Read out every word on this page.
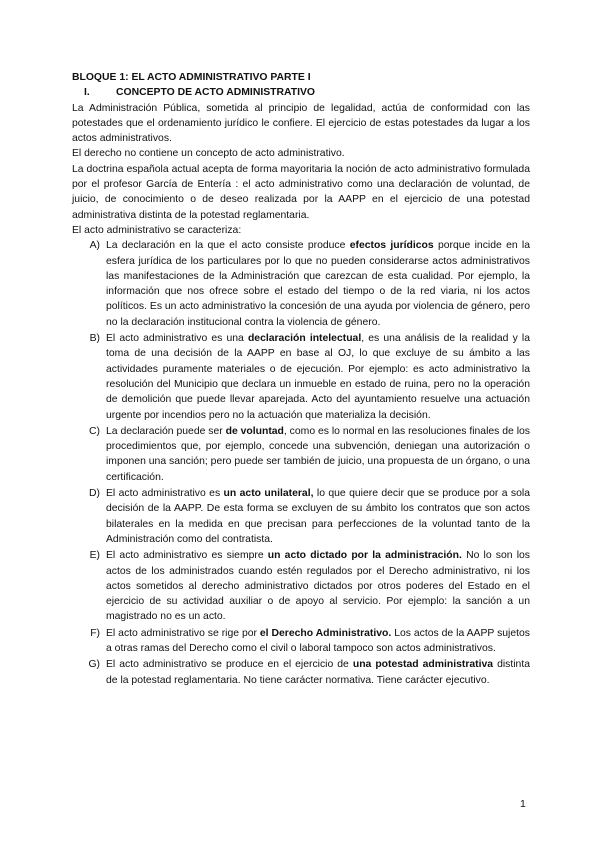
BLOQUE 1: EL ACTO ADMINISTRATIVO PARTE I

I.	CONCEPTO DE ACTO ADMINISTRATIVO

La Administración Pública, sometida al principio de legalidad, actúa de conformidad con las potestades que el ordenamiento jurídico le confiere. El ejercicio de estas potestades da lugar a los actos administrativos.

El derecho no contiene un concepto de acto administrativo.

La doctrina española actual acepta de forma mayoritaria la noción de acto administrativo formulada por el profesor García de Entería : el acto administrativo como una declaración de voluntad, de juicio, de conocimiento o de deseo realizada por la AAPP en el ejercicio de una potestad administrativa distinta de la potestad reglamentaria.

El acto administrativo se caracteriza:

A) La declaración en la que el acto consiste produce efectos jurídicos porque incide en la esfera jurídica de los particulares por lo que no pueden considerarse actos administrativos las manifestaciones de la Administración que carezcan de esta cualidad. Por ejemplo, la información que nos ofrece sobre el estado del tiempo o de la red viaria, ni los actos políticos. Es un acto administrativo la concesión de una ayuda por violencia de género, pero no la declaración institucional contra la violencia de género.
B) El acto administrativo es una declaración intelectual, es una análisis de la realidad y la toma de una decisión de la AAPP en base al OJ, lo que excluye de su ámbito a las actividades puramente materiales o de ejecución. Por ejemplo: es acto administrativo la resolución del Municipio que declara un inmueble en estado de ruina, pero no la operación de demolición que puede llevar aparejada. Acto del ayuntamiento resuelve una actuación urgente por incendios pero no la actuación que materializa la decisión.
C) La declaración puede ser de voluntad, como es lo normal en las resoluciones finales de los procedimientos que, por ejemplo, concede una subvención, deniegan una autorización o imponen una sanción; pero puede ser también de juicio, una propuesta de un órgano, o una certificación.
D) El acto administrativo es un acto unilateral, lo que quiere decir que se produce por a sola decisión de la AAPP. De esta forma se excluyen de su ámbito los contratos que son actos bilaterales en la medida en que precisan para perfecciones de la voluntad tanto de la Administración como del contratista.
E) El acto administrativo es siempre un acto dictado por la administración. No lo son los actos de los administrados cuando estén regulados por el Derecho administrativo, ni los actos sometidos al derecho administrativo dictados por otros poderes del Estado en el ejercicio de su actividad auxiliar o de apoyo al servicio. Por ejemplo: la sanción a un magistrado no es un acto.
F) El acto administrativo se rige por el Derecho Administrativo. Los actos de la AAPP sujetos a otras ramas del Derecho como el civil o laboral tampoco son actos administrativos.
G) El acto administrativo se produce en el ejercicio de una potestad administrativa distinta de la potestad reglamentaria. No tiene carácter normativa. Tiene carácter ejecutivo.
1
